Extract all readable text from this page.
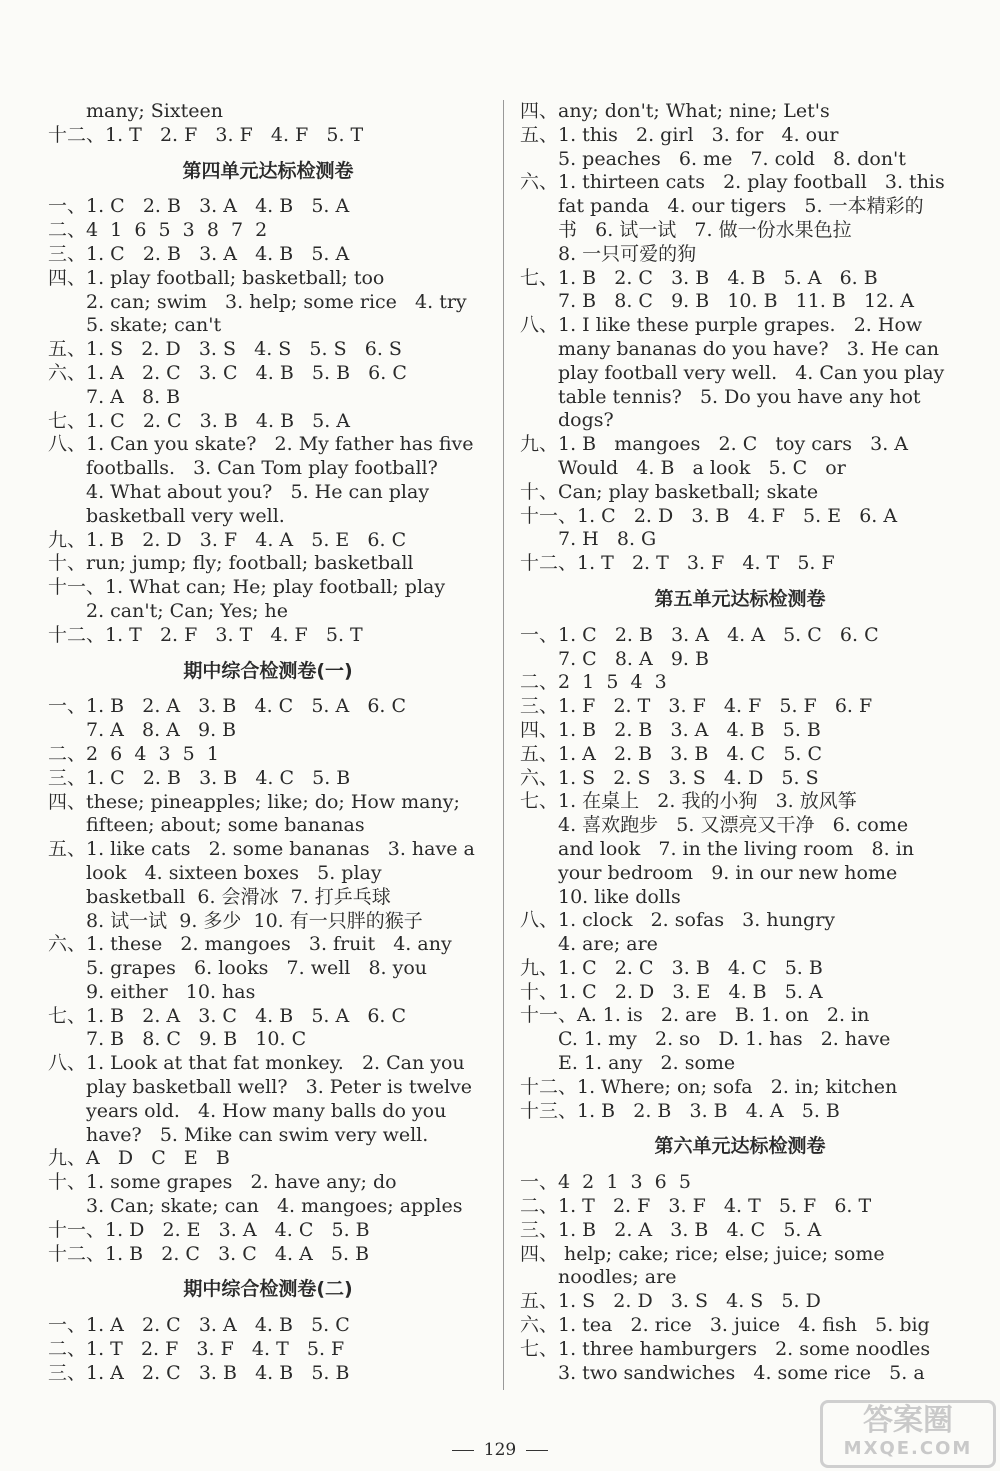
many; Sixteen
十二、1. T   2. F   3. F   4. F   5. T
第四单元达标检测卷
一、1. C   2. B   3. A   4. B   5. A
二、4  1  6  5  3  8  7  2
三、1. C   2. B   3. A   4. B   5. A
四、1. play football; basketball; too
2. can; swim   3. help; some rice   4. try
5. skate; can't
五、1. S   2. D   3. S   4. S   5. S   6. S
六、1. A   2. C   3. C   4. B   5. B   6. C
7. A   8. B
七、1. C   2. C   3. B   4. B   5. A
八、1. Can you skate?   2. My father has five
footballs.   3. Can Tom play football?
4. What about you?   5. He can play
basketball very well.
九、1. B   2. D   3. F   4. A   5. E   6. C
十、run; jump; fly; football; basketball
十一、1. What can; He; play football; play
2. can't; Can; Yes; he
十二、1. T   2. F   3. T   4. F   5. T
期中综合检测卷(一)
一、1. B   2. A   3. B   4. C   5. A   6. C
7. A   8. A   9. B
二、2  6  4  3  5  1
三、1. C   2. B   3. B   4. C   5. B
四、these; pineapples; like; do; How many;
fifteen; about; some bananas
五、1. like cats   2. some bananas   3. have a
look   4. sixteen boxes   5. play
basketball  6. 会滑冰  7. 打乒乓球
8. 试一试  9. 多少  10. 有一只胖的猴子
六、1. these   2. mangoes   3. fruit   4. any
5. grapes   6. looks   7. well   8. you
9. either   10. has
七、1. B   2. A   3. C   4. B   5. A   6. C
7. B   8. C   9. B   10. C
八、1. Look at that fat monkey.   2. Can you
play basketball well?   3. Peter is twelve
years old.   4. How many balls do you
have?   5. Mike can swim very well.
九、A   D   C   E   B
十、1. some grapes   2. have any; do
3. Can; skate; can   4. mangoes; apples
十一、1. D   2. E   3. A   4. C   5. B
十二、1. B   2. C   3. C   4. A   5. B
期中综合检测卷(二)
一、1. A   2. C   3. A   4. B   5. C
二、1. T   2. F   3. F   4. T   5. F
三、1. A   2. C   3. B   4. B   5. B
四、any; don't; What; nine; Let's
五、1. this   2. girl   3. for   4. our
5. peaches   6. me   7. cold   8. don't
六、1. thirteen cats   2. play football   3. this
fat panda   4. our tigers   5. 一本精彩的
书   6. 试一试   7. 做一份水果色拉
8. 一只可爱的狗
七、1. B   2. C   3. B   4. B   5. A   6. B
7. B   8. C   9. B   10. B   11. B   12. A
八、1. I like these purple grapes.   2. How
many bananas do you have?   3. He can
play football very well.   4. Can you play
table tennis?   5. Do you have any hot
dogs?
九、1. B   mangoes   2. C   toy cars   3. A
Would   4. B   a look   5. C   or
十、Can; play basketball; skate
十一、1. C   2. D   3. B   4. F   5. E   6. A
7. H   8. G
十二、1. T   2. T   3. F   4. T   5. F
第五单元达标检测卷
一、1. C   2. B   3. A   4. A   5. C   6. C
7. C   8. A   9. B
二、2  1  5  4  3
三、1. F   2. T   3. F   4. F   5. F   6. F
四、1. B   2. B   3. A   4. B   5. B
五、1. A   2. B   3. B   4. C   5. C
六、1. S   2. S   3. S   4. D   5. S
七、1. 在桌上   2. 我的小狗   3. 放风筝
4. 喜欢跑步   5. 又漂亮又干净   6. come
and look   7. in the living room   8. in
your bedroom   9. in our new home
10. like dolls
八、1. clock   2. sofas   3. hungry
4. are; are
九、1. C   2. C   3. B   4. C   5. B
十、1. C   2. D   3. E   4. B   5. A
十一、A. 1. is   2. are   B. 1. on   2. in
C. 1. my   2. so   D. 1. has   2. have
E. 1. any   2. some
十二、1. Where; on; sofa   2. in; kitchen
十三、1. B   2. B   3. B   4. A   5. B
第六单元达标检测卷
一、4  2  1  3  6  5
二、1. T   2. F   3. F   4. T   5. F   6. T
三、1. B   2. A   3. B   4. C   5. A
四、 help; cake; rice; else; juice; some
noodles; are
五、1. S   2. D   3. S   4. S   5. D
六、1. tea   2. rice   3. juice   4. fish   5. big
七、1. three hamburgers   2. some noodles
3. two sandwiches   4. some rice   5. a
129
答案圈
MXQE.COM
